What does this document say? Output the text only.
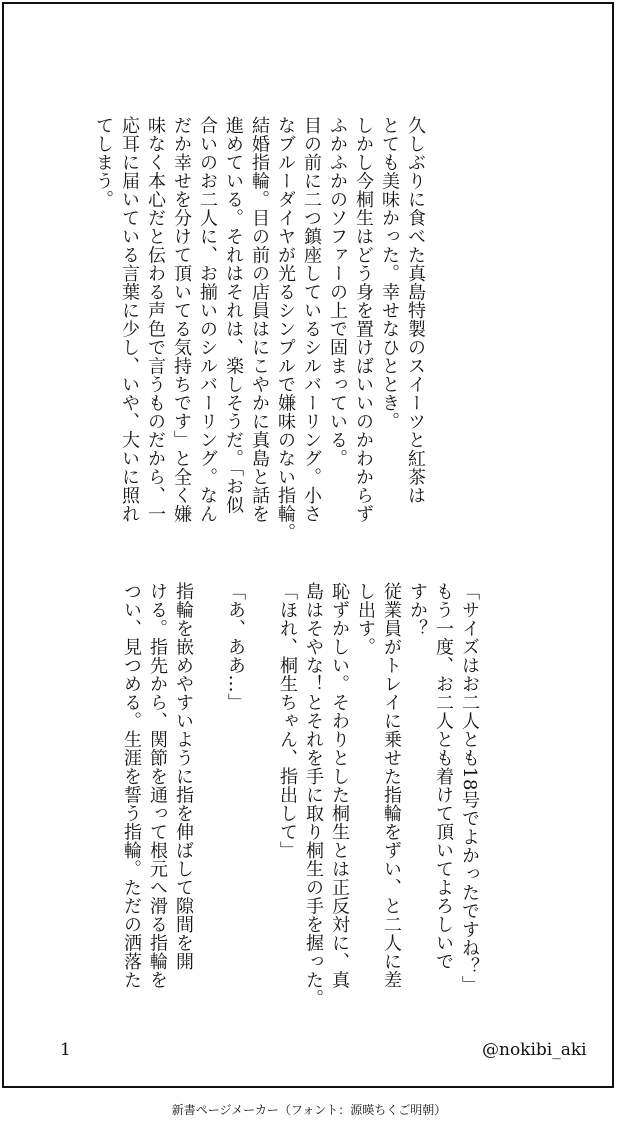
久しぶりに食べた真島特製のスイーツと紅茶は
とても美味かった。幸せなひととき。
しかし今桐生はどう身を置けばいいのかわからず
ふかふかのソファーの上で固まっている。
目の前に二つ鎮座しているシルバーリング。小さ
なブルーダイヤが光るシンプルで嫌味のない指輪。
結婚指輪。目の前の店員はにこやかに真島と話を
進めている。それはそれは、楽しそうだ。「お似
合いのお二人に、お揃いのシルバーリング。なん
だか幸せを分けて頂いてる気持ちです」と全く嫌
味なく本心だと伝わる声色で言うものだから、一
応耳に届いている言葉に少し、いや、大いに照れ
てしまう。
「サイズはお二人とも18号でよかったですね？」
もう一度、お二人とも着けて頂いてよろしいで
すか？
従業員がトレイに乗せた指輪をずい、と二人に差
し出す。
恥ずかしい。そわりとした桐生とは正反対に、真
島はそやな！とそれを手に取り桐生の手を握った。
「ほれ、桐生ちゃん、指出して」

「あ、ああ…」

指輪を嵌めやすいように指を伸ばして隙間を開
ける。指先から、関節を通って根元へ滑る指輪を
つい、見つめる。生涯を誓う指輪。ただの洒落た
1	@nokibi_aki
新書ページメーカー（フォント：源暎ちくご明朝）
